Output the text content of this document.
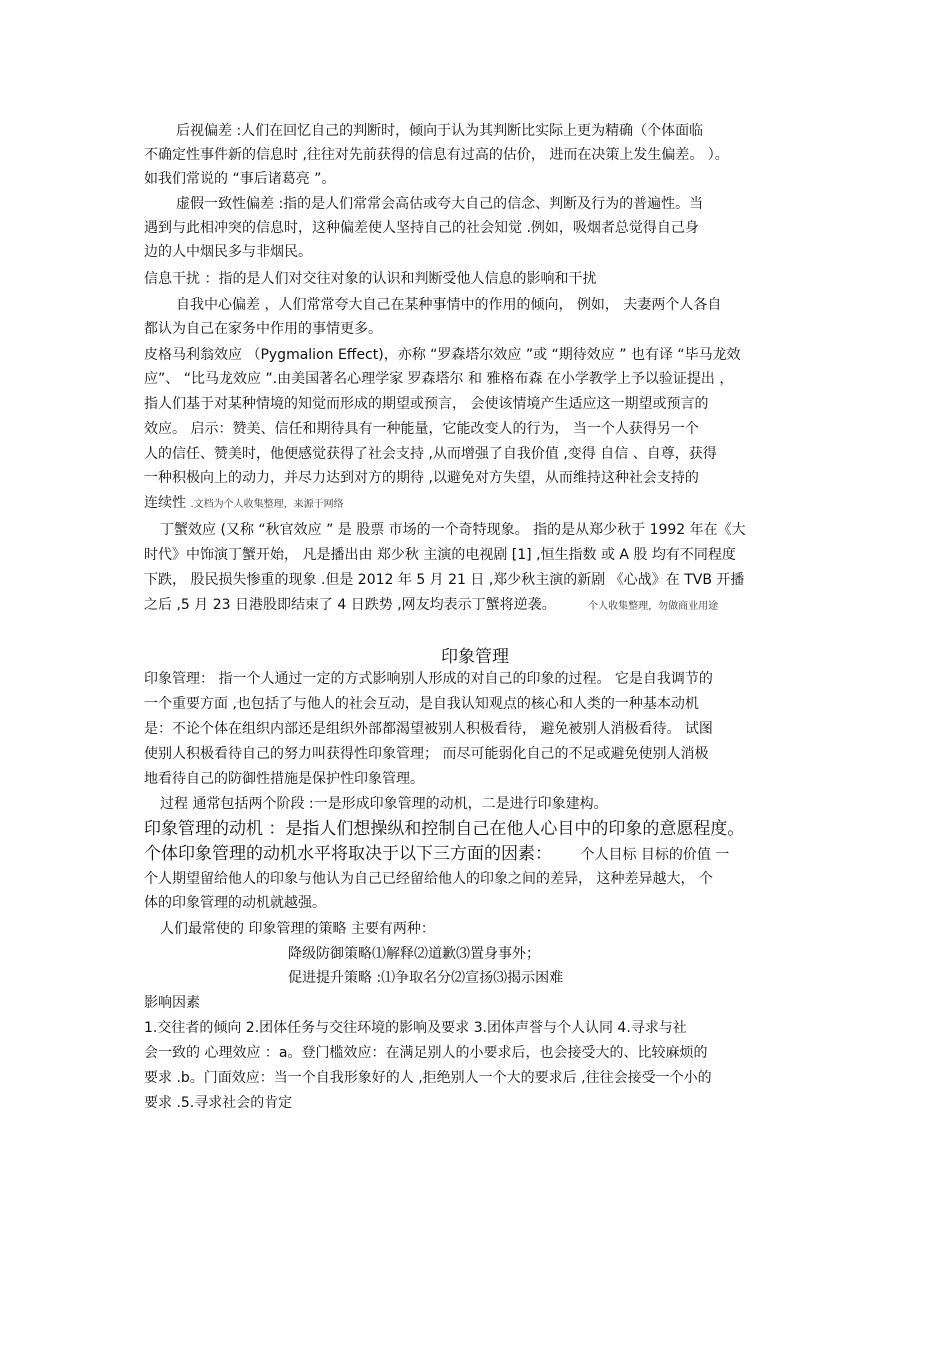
后视偏差 :人们在回忆自己的判断时，倾向于认为其判断比实际上更为精确（个体面临
不确定性事件新的信息时 ,往往对先前获得的信息有过高的估价， 进而在决策上发生偏差。 ）。
如我们常说的 “事后诸葛亮 ”。
虚假一致性偏差 :指的是人们常常会高估或夸大自己的信念、判断及行为的普遍性。当
遇到与此相冲突的信息时，这种偏差使人坚持自己的社会知觉 .例如，吸烟者总觉得自己身
边的人中烟民多与非烟民。
信息干扰 ：指的是人们对交往对象的认识和判断受他人信息的影响和干扰
自我中心偏差 ，人们常常夸大自己在某种事情中的作用的倾向， 例如， 夫妻两个人各自
都认为自己在家务中作用的事情更多。
皮格马利翁效应 （Pygmalion Effect)，亦称 “罗森塔尔效应 ”或 “期待效应 ” 也有译 “毕马龙效
应”、 “比马龙效应 ”.由美国著名心理学家 罗森塔尔 和 雅格布森 在小学教学上予以验证提出 ，
指人们基于对某种情境的知觉而形成的期望或预言， 会使该情境产生适应这一期望或预言的
效应。 启示：赞美、信任和期待具有一种能量，它能改变人的行为， 当一个人获得另一个
人的信任、赞美时，他便感觉获得了社会支持 ,从而增强了自我价值 ,变得 自信 、自尊，获得
一种积极向上的动力，并尽力达到对方的期待 ,以避免对方失望，从而维持这种社会支持的
连续性 .文档为个人收集整理，来源于网络
丁蟹效应 (又称 “秋官效应 ” 是 股票 市场的一个奇特现象。 指的是从郑少秋于 1992 年在《大
时代》中饰演丁蟹开始， 凡是播出由 郑少秋 主演的电视剧 [1] ,恒生指数 或 A 股 均有不同程度
下跌， 股民损失惨重的现象 .但是 2012 年 5 月 21 日 ,郑少秋主演的新剧 《心战》在 TVB 开播
之后 ,5 月 23 日港股即结束了 4 日跌势 ,网友均表示丁蟹将逆袭。	个人收集整理，勿做商业用途
印象管理
印象管理： 指一个人通过一定的方式影响别人形成的对自己的印象的过程。 它是自我调节的
一个重要方面 ,也包括了与他人的社会互动，是自我认知观点的核心和人类的一种基本动机
是：不论个体在组织内部还是组织外部都渴望被别人积极看待， 避免被别人消极看待。 试图
使别人积极看待自己的努力叫获得性印象管理； 而尽可能弱化自己的不足或避免使别人消极
地看待自己的防御性措施是保护性印象管理。
过程 通常包括两个阶段 :一是形成印象管理的动机，二是进行印象建构。
印象管理的动机 ：是指人们想操纵和控制自己在他人心目中的印象的意愿程度。
个体印象管理的动机水平将取决于以下三方面的因素： 个人目标 目标的价值 一
个人期望留给他人的印象与他认为自己已经留给他人的印象之间的差异， 这种差异越大， 个
体的印象管理的动机就越强。
人们最常使的 印象管理的策略 主要有两种：
降级防御策略⑴解释⑵道歉⑶置身事外；
促进提升策略 :⑴争取名分⑵宣扬⑶揭示困难
影响因素
1.交往者的倾向 2.团体任务与交往环境的影响及要求 3.团体声誉与个人认同 4.寻求与社
会一致的 心理效应 ：a。登门槛效应：在满足别人的小要求后，也会接受大的、比较麻烦的
要求 .b。门面效应：当一个自我形象好的人 ,拒绝别人一个大的要求后 ,往往会接受一个小的
要求 .5.寻求社会的肯定
